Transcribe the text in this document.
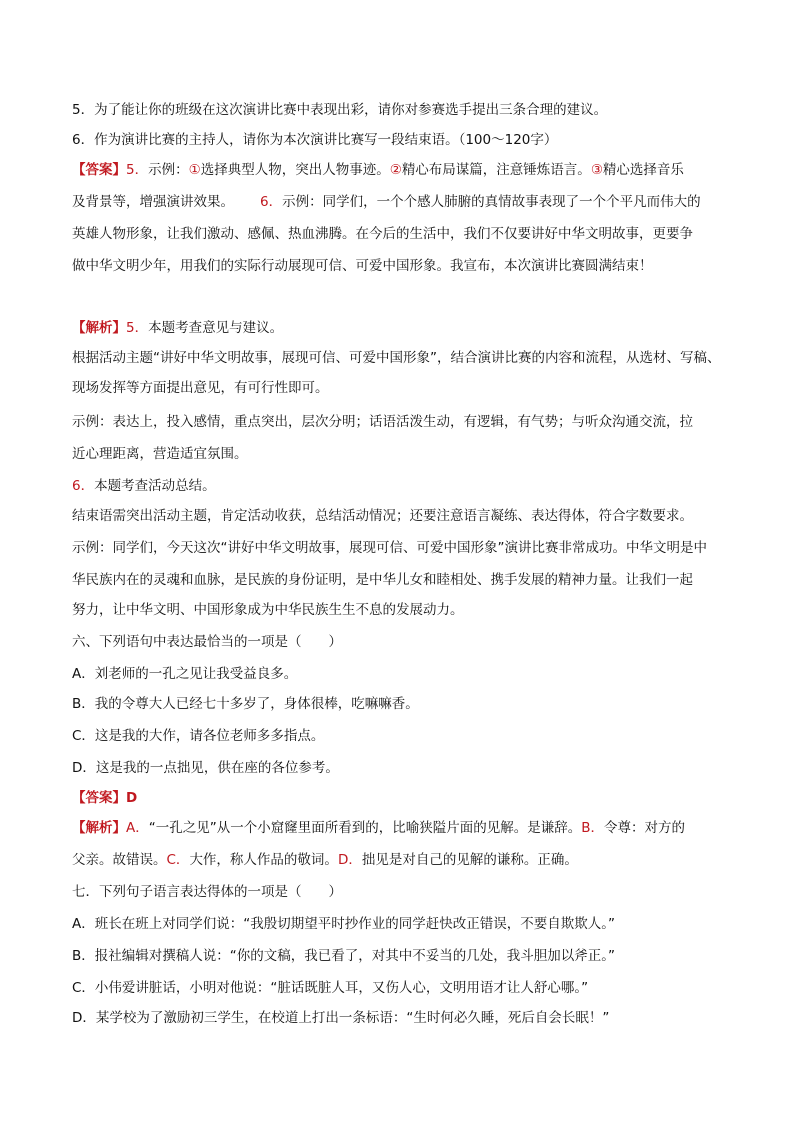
5．为了能让你的班级在这次演讲比赛中表现出彩，请你对参赛选手提出三条合理的建议。
6．作为演讲比赛的主持人，请你为本次演讲比赛写一段结束语。（100～120字）
【答案】5．示例：①选择典型人物，突出人物事迹。②精心布局谋篇，注意锤炼语言。③精心选择音乐
及背景等，增强演讲效果。 6．示例：同学们，一个个感人肺腑的真情故事表现了一个个平凡而伟大的
英雄人物形象，让我们激动、感佩、热血沸腾。在今后的生活中，我们不仅要讲好中华文明故事，更要争
做中华文明少年，用我们的实际行动展现可信、可爱中国形象。我宣布，本次演讲比赛圆满结束！
【解析】5．本题考查意见与建议。
根据活动主题“讲好中华文明故事，展现可信、可爱中国形象”，结合演讲比赛的内容和流程，从选材、写稿、
现场发挥等方面提出意见，有可行性即可。
示例：表达上，投入感情，重点突出，层次分明；话语活泼生动，有逻辑，有气势；与听众沟通交流，拉
近心理距离，营造适宜氛围。
6．本题考查活动总结。
结束语需突出活动主题，肯定活动收获，总结活动情况；还要注意语言凝练、表达得体，符合字数要求。
示例：同学们，今天这次“讲好中华文明故事，展现可信、可爱中国形象”演讲比赛非常成功。中华文明是中
华民族内在的灵魂和血脉，是民族的身份证明，是中华儿女和睦相处、携手发展的精神力量。让我们一起
努力，让中华文明、中国形象成为中华民族生生不息的发展动力。
六、下列语句中表达最恰当的一项是（　　）
A．刘老师的一孔之见让我受益良多。
B．我的令尊大人已经七十多岁了，身体很棒，吃嘛嘛香。
C．这是我的大作，请各位老师多多指点。
D．这是我的一点拙见，供在座的各位参考。
【答案】D
【解析】A．“一孔之见”从一个小窟窿里面所看到的，比喻狭隘片面的见解。是谦辞。B．令尊：对方的
父亲。故错误。C．大作，称人作品的敬词。D．拙见是对自己的见解的谦称。正确。
七．下列句子语言表达得体的一项是（　　）
A．班长在班上对同学们说：“我殷切期望平时抄作业的同学赶快改正错误，不要自欺欺人。”
B．报社编辑对撰稿人说：“你的文稿，我已看了，对其中不妥当的几处，我斗胆加以斧正。”
C．小伟爱讲脏话，小明对他说：“脏话既脏人耳，又伤人心，文明用语才让人舒心哪。”
D．某学校为了激励初三学生，在校道上打出一条标语：“生时何必久睡，死后自会长眠！”
